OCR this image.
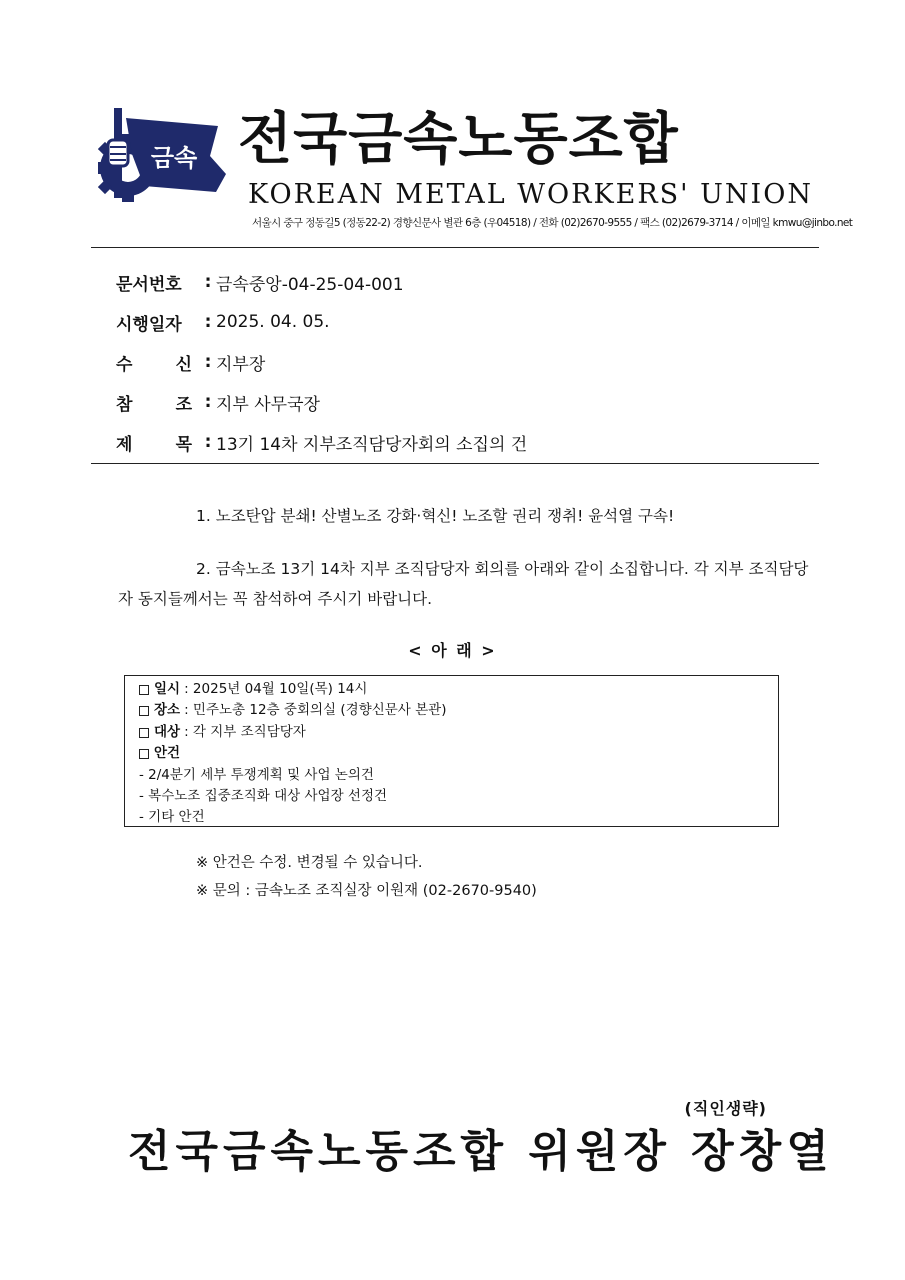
금속 전국금속노동조합
KOREAN METAL WORKERS' UNION
서울시 중구 정동길5 (정동22-2) 경향신문사 별관 6층 (우04518) / 전화 (02)2670-9555 / 팩스 (02)2679-3714 / 이메일 kmwu@jinbo.net
문서번호	: 금속중앙-04-25-04-001
시행일자	: 2025. 04. 05.
수	신 : 지부장
참	조 : 지부 사무국장
제	목 : 13기 14차 지부조직담당자회의 소집의 건
1. 노조탄압 분쇄! 산별노조 강화·혁신! 노조할 권리 쟁취! 윤석열 구속!
2. 금속노조 13기 14차 지부 조직담당자 회의를 아래와 같이 소집합니다. 각 지부 조직담당
자 동지들께서는 꼭 참석하여 주시기 바랍니다.
< 아 래 >
일시 : 2025년 04월 10일(목) 14시
장소 : 민주노총 12층 중회의실 (경향신문사 본관)
대상 : 각 지부 조직담당자
안건
- 2/4분기 세부 투쟁계획 및 사업 논의건
- 복수노조 집중조직화 대상 사업장 선정건
- 기타 안건
※ 안건은 수정. 변경될 수 있습니다.
※ 문의 : 금속노조 조직실장 이원재 (02-2670-9540)
(직인생략)
전국금속노동조합 위원장 장창열
